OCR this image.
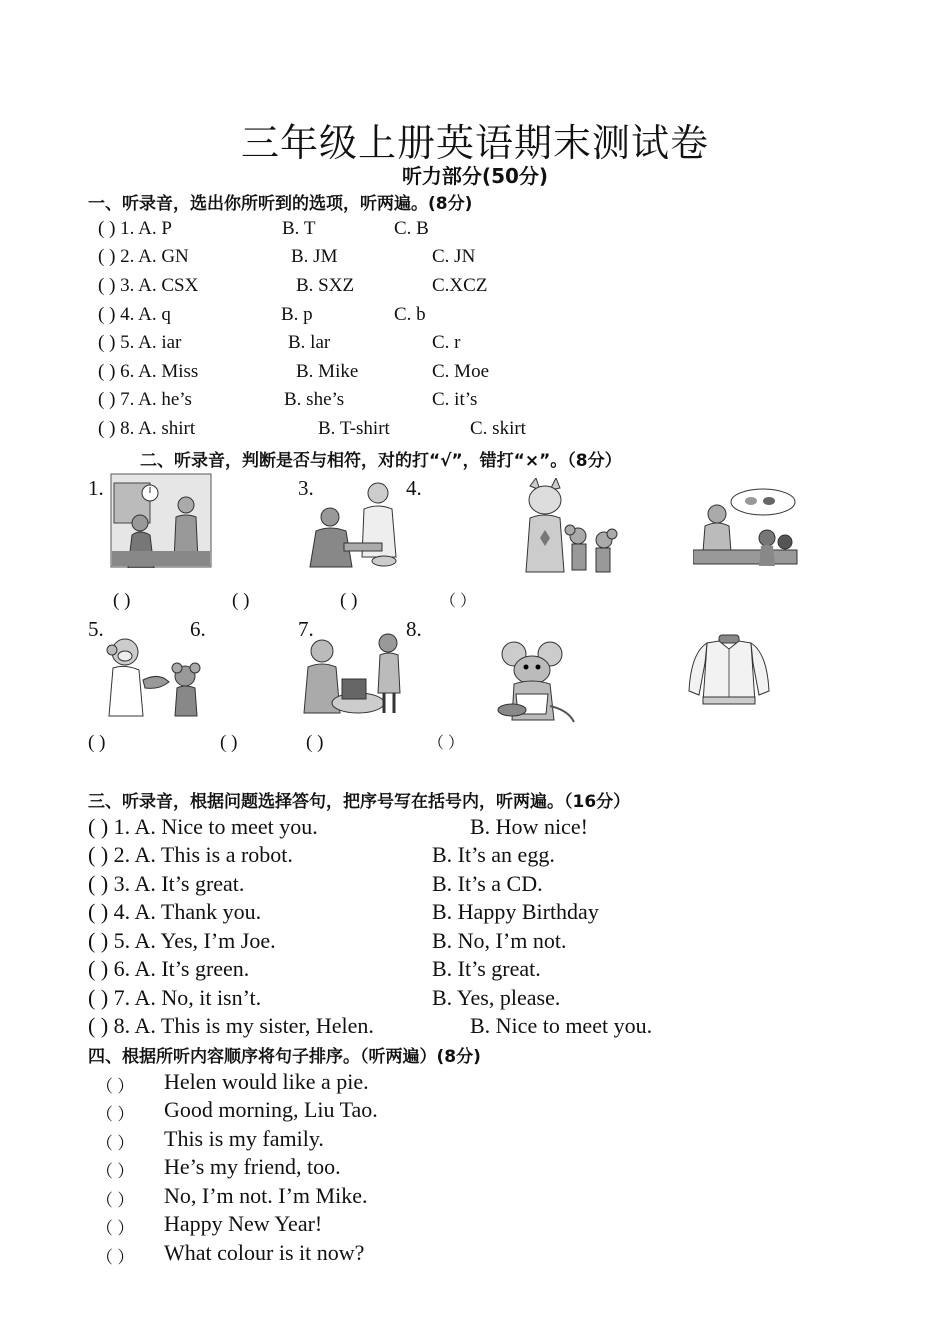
三年级上册英语期末测试卷
听力部分(50分)
一、听录音，选出你所听到的选项，听两遍。(8分)
( ) 1. A. P	B. T	C. B
( ) 2. A. GN	B. JM	C. JN
( ) 3. A. CSX	B. SXZ	C.XCZ
( ) 4. A. q	B. p	C. b
( ) 5. A. iar	B. lar	C. r
( ) 6. A. Miss	B. Mike	C. Moe
( ) 7. A. he’s	B. she’s	C. it’s
( ) 8. A. shirt	B. T-shirt	C. skirt
二、听录音，判断是否与相符，对的打“√”，错打“×”。（8分）
1.	3.	4.
( )	( )	( )	（ ）
5.	6.	7.	8.
( )	( )	( )	（ ）
三、听录音，根据问题选择答句，把序号写在括号内，听两遍。（16分）
( ) 1. A. Nice to meet you.	B. How nice!
( ) 2. A. This is a robot.	B. It’s an egg.
( ) 3. A. It’s great.	B. It’s a CD.
( ) 4. A. Thank you.	B. Happy Birthday
( ) 5. A. Yes, I’m Joe.	B. No, I’m not.
( ) 6. A. It’s green.	B. It’s great.
( ) 7. A. No, it isn’t.	B. Yes, please.
( ) 8. A. This is my sister, Helen.	B. Nice to meet you.
四、根据所听内容顺序将句子排序。（听两遍）(8分)
（ ） Helen would like a pie.
（ ） Good morning, Liu Tao.
（ ） This is my family.
（ ） He’s my friend, too.
（ ） No, I’m not. I’m Mike.
（ ） Happy New Year!
（ ） What colour is it now?
